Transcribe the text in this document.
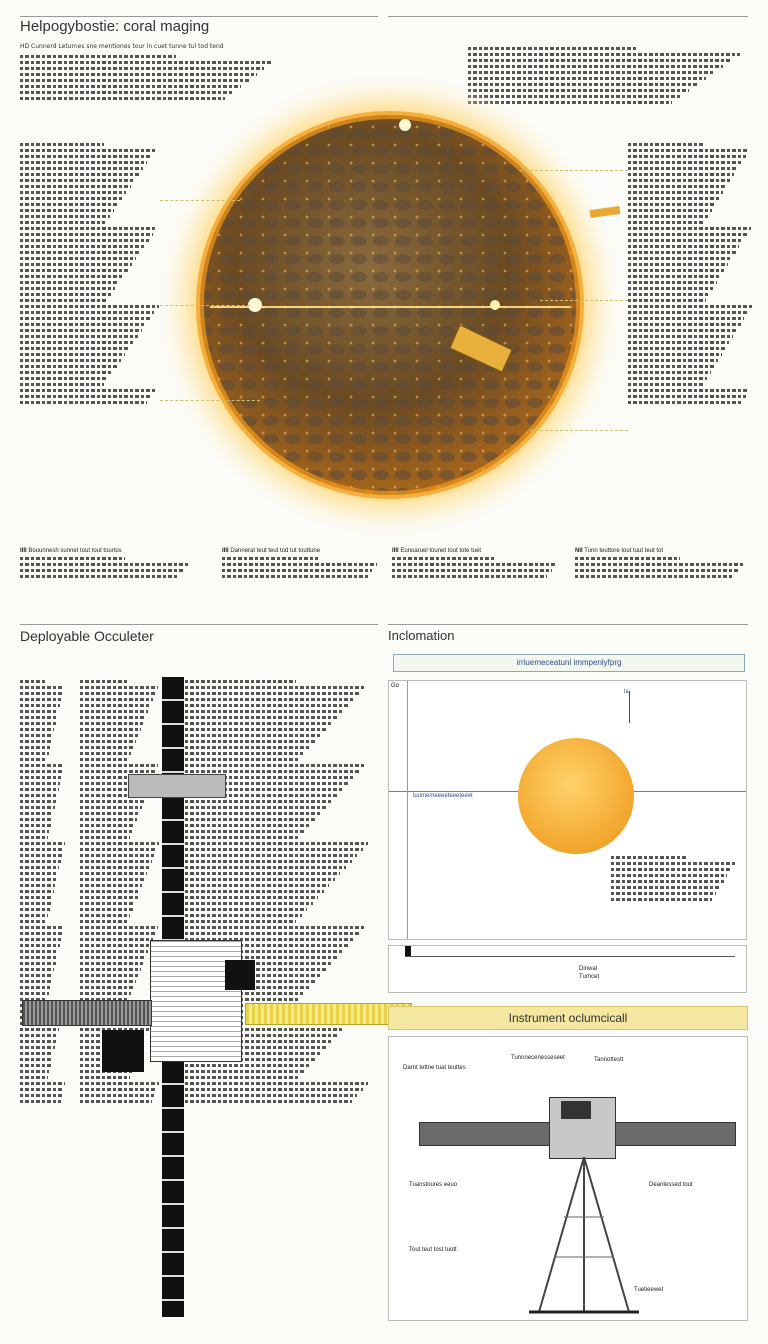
Helpogybostie: coral maging
HD Cunnerd Leturnes sne mentiones tour in cuet tunne tul tod tend
IIII Bouunnesh sunnet tout tout tourtos	IIII Dannerat teut teut tod tut touttune	IIII Eunoaruel tounet tout tote tuet	NII Tunn teuttore tout tuut teut tot
Deployable Occuleter	Inclomation
irriuemeceatunl immpenlyfprg
Go
la
luumemeeeeteeeteeet
Dinwal
Turncet
Instrument oclumcicall
Tunnnecenesseseet	Tannottestt
Darnt tettne tuat teuttes
Tuanstoures eeuo	Deantessed tout
Tout teut tost tuott
Tuetieewet
